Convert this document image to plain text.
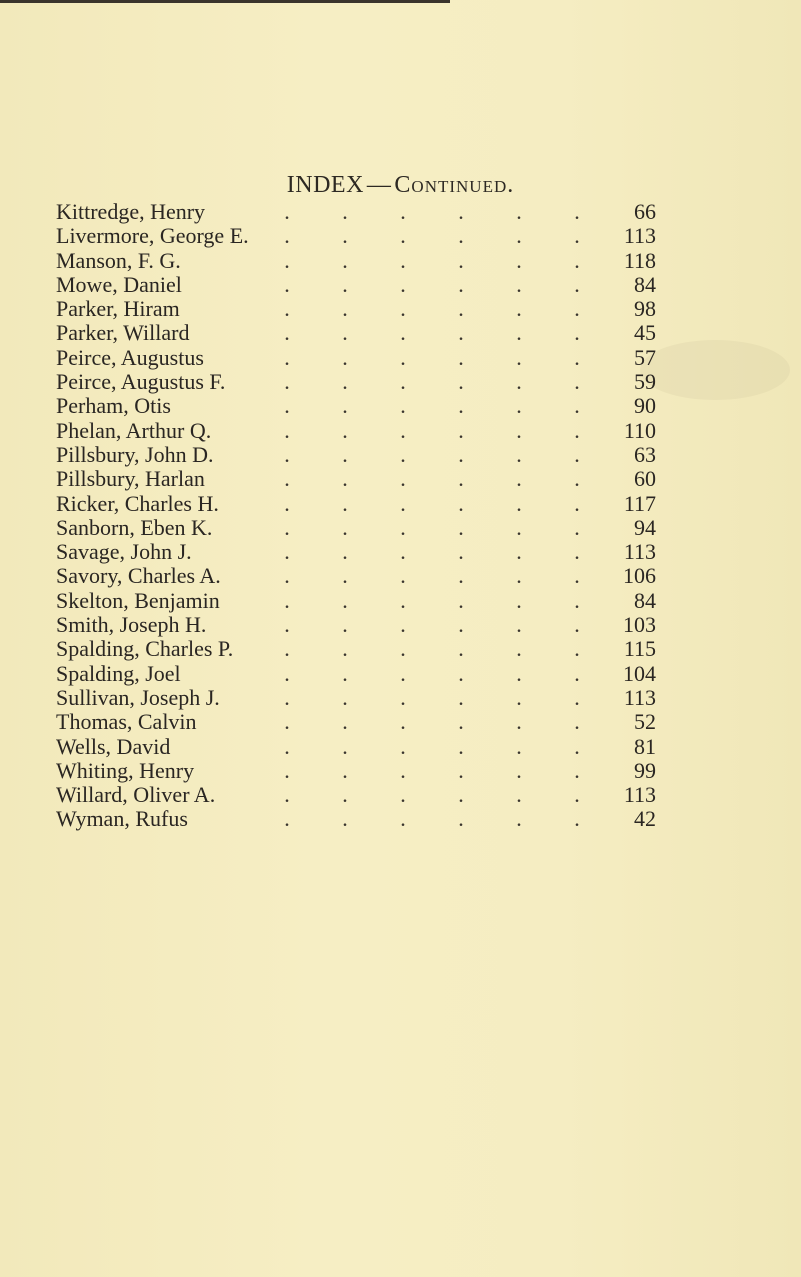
INDEX — Continued.
Kittredge, Henry	. . . . . .	66
Livermore, George E.	. . . . . .	113
Manson, F. G.	. . . . . .	118
Mowe, Daniel	. . . . . .	84
Parker, Hiram	. . . . . .	98
Parker, Willard	. . . . . .	45
Peirce, Augustus	. . . . . .	57
Peirce, Augustus F.	. . . . . .	59
Perham, Otis	. . . . . .	90
Phelan, Arthur Q.	. . . . . .	110
Pillsbury, John D.	. . . . . .	63
Pillsbury, Harlan	. . . . . .	60
Ricker, Charles H.	. . . . . .	117
Sanborn, Eben K.	. . . . . .	94
Savage, John J.	. . . . . .	113
Savory, Charles A.	. . . . . .	106
Skelton, Benjamin	. . . . . .	84
Smith, Joseph H.	. . . . . .	103
Spalding, Charles P.	. . . . . .	115
Spalding, Joel	. . . . . .	104
Sullivan, Joseph J.	. . . . . .	113
Thomas, Calvin	. . . . . .	52
Wells, David	. . . . . .	81
Whiting, Henry	. . . . . .	99
Willard, Oliver A.	. . . . . .	113
Wyman, Rufus	. . . . . .	42
